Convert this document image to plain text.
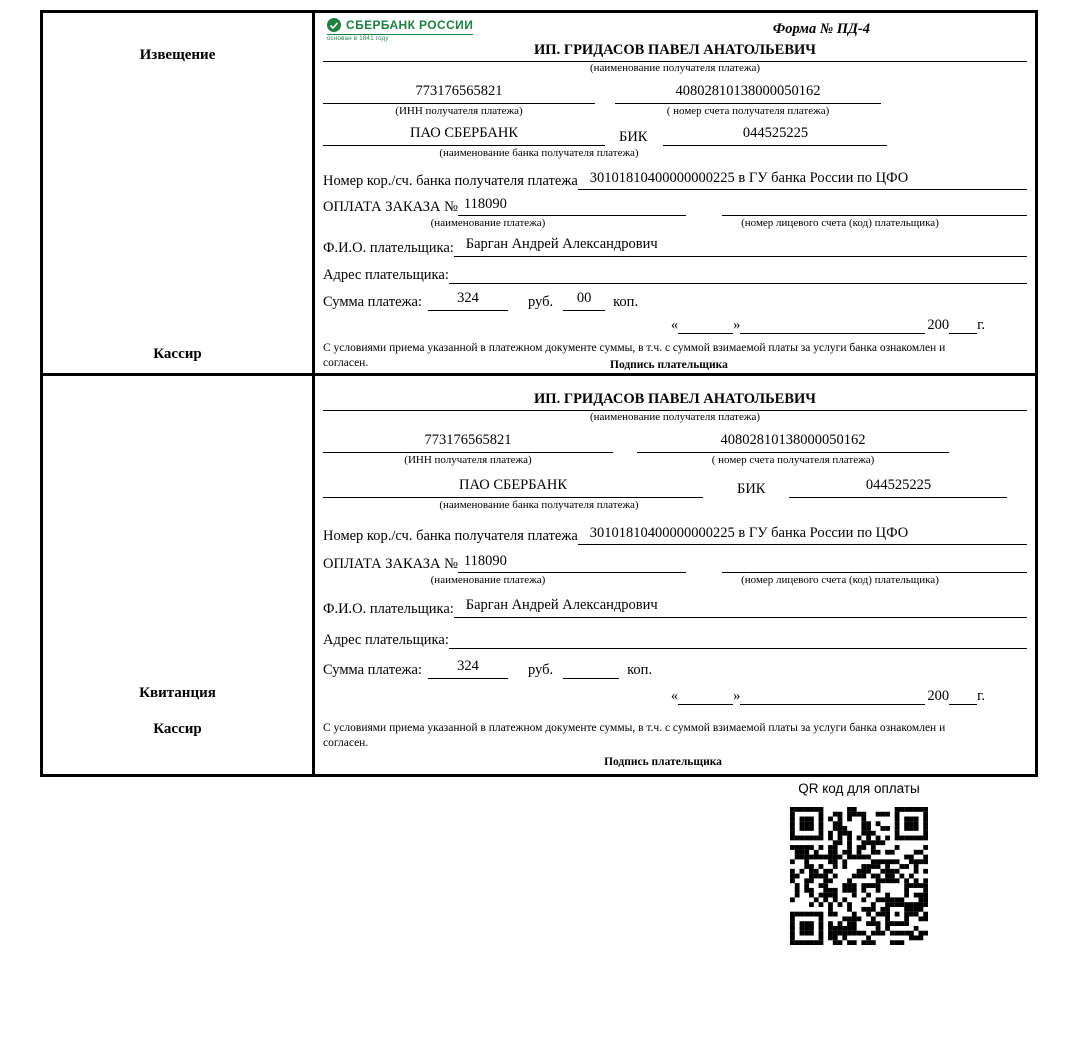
Извещение
Кассир
СБЕРБАНК РОССИИ
основан в 1841 году
Форма № ПД-4
ИП. ГРИДАСОВ ПАВЕЛ АНАТОЛЬЕВИЧ
(наименование получателя платежа)
773176565821
(ИНН получателя платежа)
40802810138000050162
( номер счета получателя платежа)
ПАО СБЕРБАНК	БИК	044525225
(наименование банка получателя платежа)
Номер кор./сч. банка получателя платежа 30101810400000000225 в ГУ банка России по ЦФО
ОПЛАТА ЗАКАЗА № 118090
(наименование платежа)	(номер лицевого счета (код) плательщика)
Ф.И.О. плательщика: Барган Андрей Александрович
Адрес плательщика:
Сумма платежа:	324	руб.	00	коп.
«	»	200 г.
С условиями приема указанной в платежном документе суммы, в т.ч. с суммой взимаемой платы за услуги банка ознакомлен и согласен.	Подпись плательщика
Квитанция
Кассир
ИП. ГРИДАСОВ ПАВЕЛ АНАТОЛЬЕВИЧ
(наименование получателя платежа)
773176565821
(ИНН получателя платежа)
40802810138000050162
( номер счета получателя платежа)
ПАО СБЕРБАНК	БИК	044525225
(наименование банка получателя платежа)
Номер кор./сч. банка получателя платежа 30101810400000000225 в ГУ банка России по ЦФО
ОПЛАТА ЗАКАЗА № 118090
(наименование платежа)	(номер лицевого счета (код) плательщика)
Ф.И.О. плательщика: Барган Андрей Александрович
Адрес плательщика:
Сумма платежа:	324	руб.	коп.
«	»	200 г.
С условиями приема указанной в платежном документе суммы, в т.ч. с суммой взимаемой платы за услуги банка ознакомлен и согласен.
Подпись плательщика
QR код для оплаты
